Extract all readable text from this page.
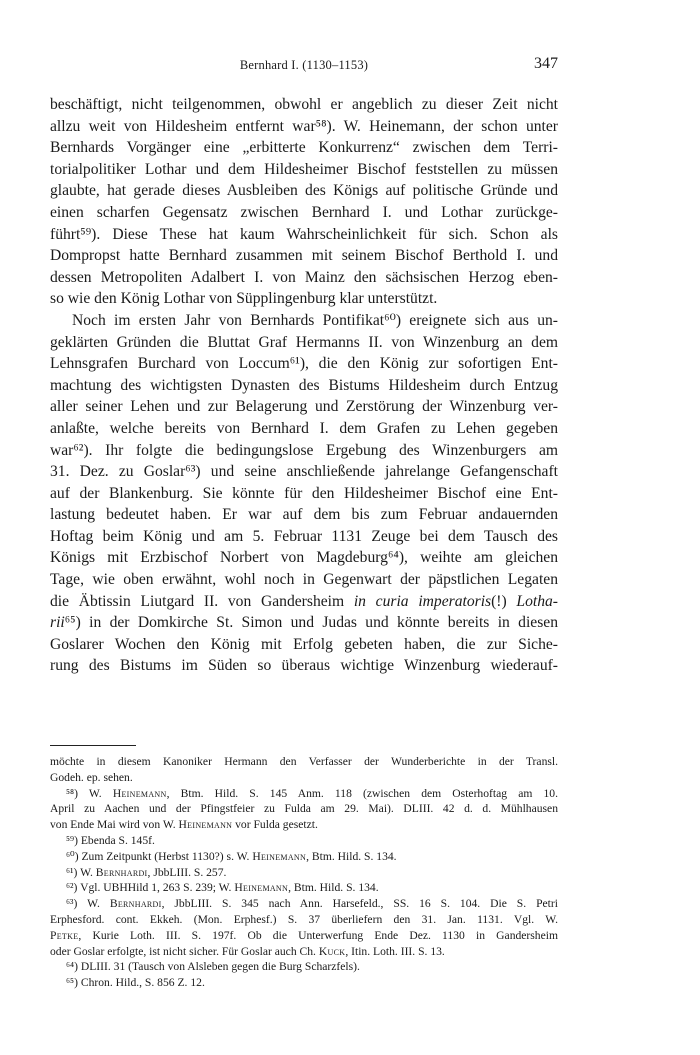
Bernhard I. (1130–1153)	347
beschäftigt, nicht teilgenommen, obwohl er angeblich zu dieser Zeit nicht
allzu weit von Hildesheim entfernt war⁵⁸). W. Heinemann, der schon unter
Bernhards Vorgänger eine „erbitterte Konkurrenz“ zwischen dem Terri-
torialpolitiker Lothar und dem Hildesheimer Bischof feststellen zu müssen
glaubte, hat gerade dieses Ausbleiben des Königs auf politische Gründe und
einen scharfen Gegensatz zwischen Bernhard I. und Lothar zurückge-
führt⁵⁹). Diese These hat kaum Wahrscheinlichkeit für sich. Schon als
Dompropst hatte Bernhard zusammen mit seinem Bischof Berthold I. und
dessen Metropoliten Adalbert I. von Mainz den sächsischen Herzog eben-
so wie den König Lothar von Süpplingenburg klar unterstützt.
Noch im ersten Jahr von Bernhards Pontifikat⁶⁰) ereignete sich aus un-
geklärten Gründen die Bluttat Graf Hermanns II. von Winzenburg an dem
Lehnsgrafen Burchard von Loccum⁶¹), die den König zur sofortigen Ent-
machtung des wichtigsten Dynasten des Bistums Hildesheim durch Entzug
aller seiner Lehen und zur Belagerung und Zerstörung der Winzenburg ver-
anlaßte, welche bereits von Bernhard I. dem Grafen zu Lehen gegeben
war⁶²). Ihr folgte die bedingungslose Ergebung des Winzenburgers am
31. Dez. zu Goslar⁶³) und seine anschließende jahrelange Gefangenschaft
auf der Blankenburg. Sie könnte für den Hildesheimer Bischof eine Ent-
lastung bedeutet haben. Er war auf dem bis zum Februar andauernden
Hoftag beim König und am 5. Februar 1131 Zeuge bei dem Tausch des
Königs mit Erzbischof Norbert von Magdeburg⁶⁴), weihte am gleichen
Tage, wie oben erwähnt, wohl noch in Gegenwart der päpstlichen Legaten
die Äbtissin Liutgard II. von Gandersheim in curia imperatoris(!) Lotha-
rii⁶⁵) in der Domkirche St. Simon und Judas und könnte bereits in diesen
Goslarer Wochen den König mit Erfolg gebeten haben, die zur Siche-
rung des Bistums im Süden so überaus wichtige Winzenburg wiederauf-
möchte in diesem Kanoniker Hermann den Verfasser der Wunderberichte in der Transl.
Godeh. ep. sehen.
⁵⁸) W. Heinemann, Btm. Hild. S. 145 Anm. 118 (zwischen dem Osterhoftag am 10.
April zu Aachen und der Pfingstfeier zu Fulda am 29. Mai). DLIII. 42 d. d. Mühlhausen
von Ende Mai wird von W. Heinemann vor Fulda gesetzt.
⁵⁹) Ebenda S. 145f.
⁶⁰) Zum Zeitpunkt (Herbst 1130?) s. W. Heinemann, Btm. Hild. S. 134.
⁶¹) W. Bernhardi, JbbLIII. S. 257.
⁶²) Vgl. UBHHild 1, 263 S. 239; W. Heinemann, Btm. Hild. S. 134.
⁶³) W. Bernhardi, JbbLIII. S. 345 nach Ann. Harsefeld., SS. 16 S. 104. Die S. Petri
Erphesford. cont. Ekkeh. (Mon. Erphesf.) S. 37 überliefern den 31. Jan. 1131. Vgl. W.
Petke, Kurie Loth. III. S. 197f. Ob die Unterwerfung Ende Dez. 1130 in Gandersheim
oder Goslar erfolgte, ist nicht sicher. Für Goslar auch Ch. Kuck, Itin. Loth. III. S. 13.
⁶⁴) DLIII. 31 (Tausch von Alsleben gegen die Burg Scharzfels).
⁶⁵) Chron. Hild., S. 856 Z. 12.
